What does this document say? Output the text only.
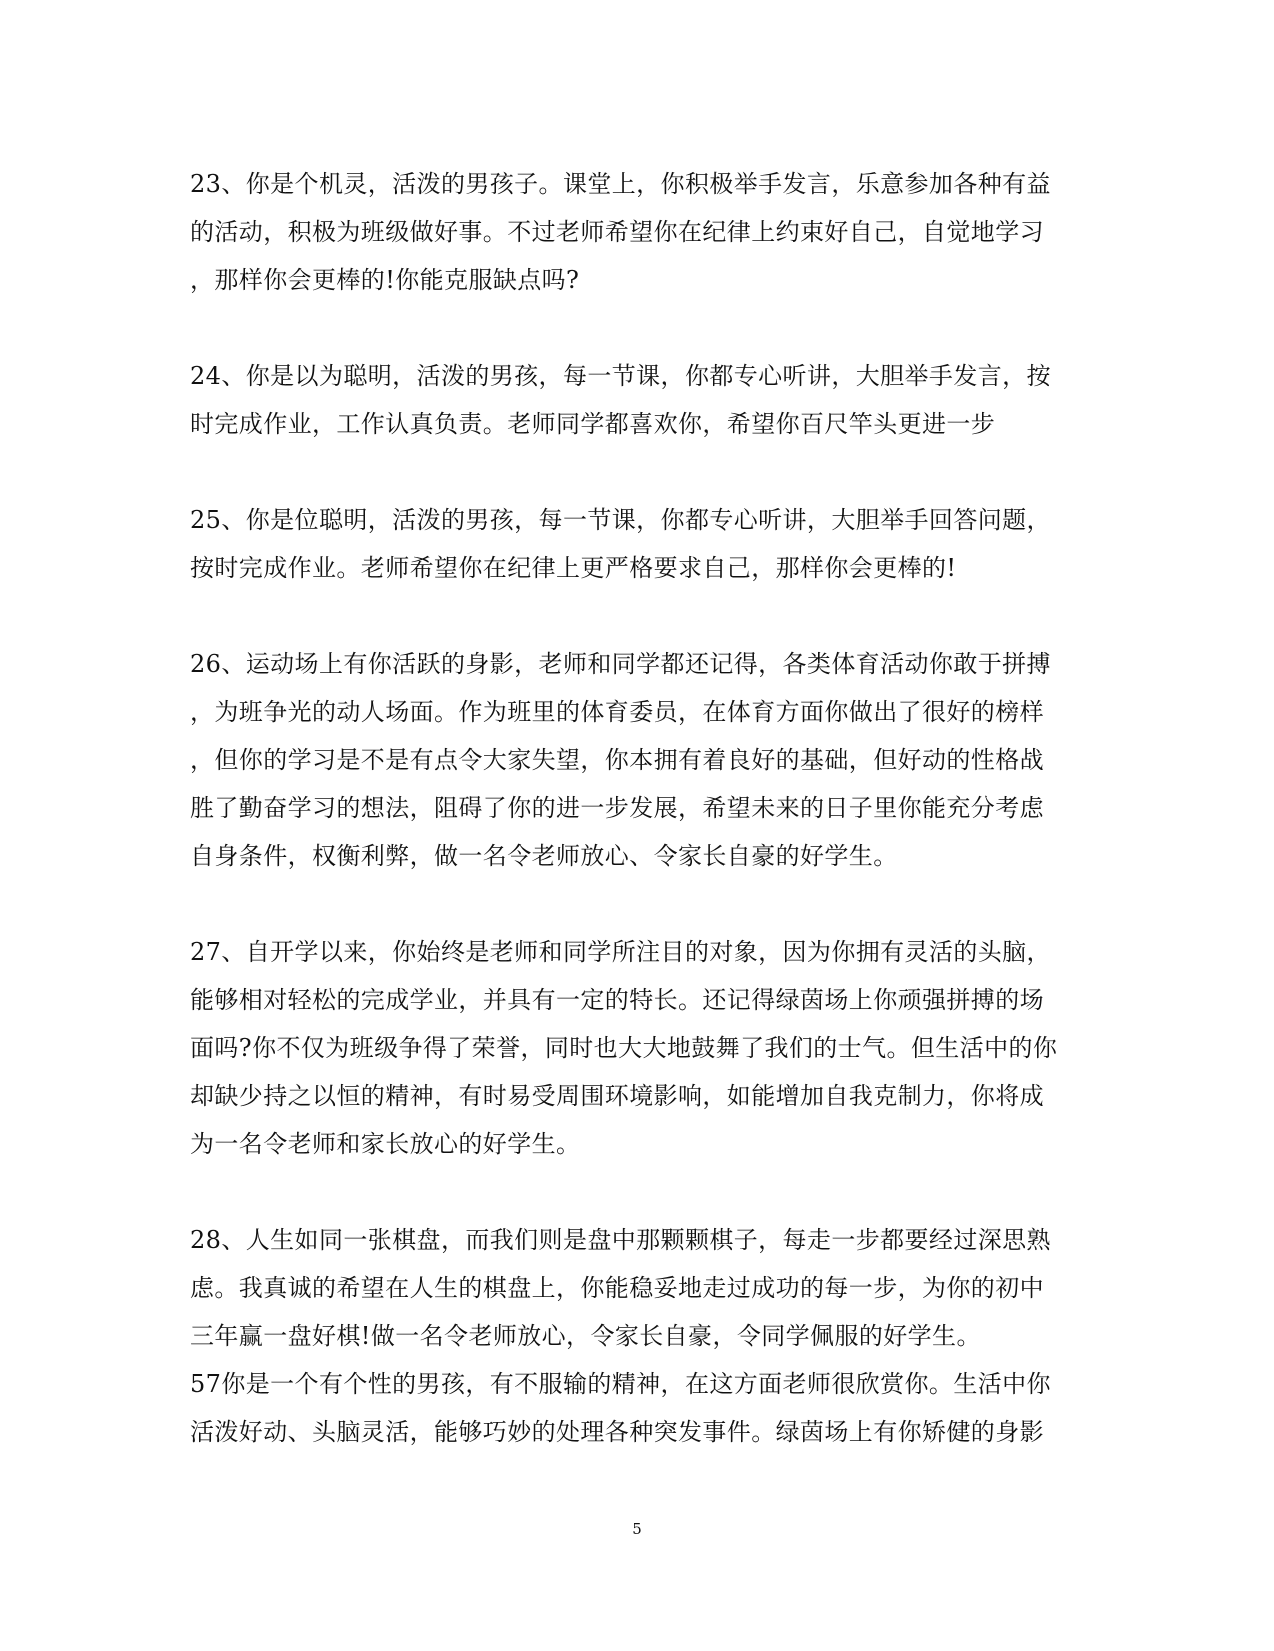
23、你是个机灵，活泼的男孩子。课堂上，你积极举手发言，乐意参加各种有益
的活动，积极为班级做好事。不过老师希望你在纪律上约束好自己，自觉地学习
，那样你会更棒的!你能克服缺点吗?
24、你是以为聪明，活泼的男孩，每一节课，你都专心听讲，大胆举手发言，按
时完成作业，工作认真负责。老师同学都喜欢你，希望你百尺竿头更进一步
25、你是位聪明，活泼的男孩，每一节课，你都专心听讲，大胆举手回答问题，
按时完成作业。老师希望你在纪律上更严格要求自己，那样你会更棒的!
26、运动场上有你活跃的身影，老师和同学都还记得，各类体育活动你敢于拼搏
，为班争光的动人场面。作为班里的体育委员，在体育方面你做出了很好的榜样
，但你的学习是不是有点令大家失望，你本拥有着良好的基础，但好动的性格战
胜了勤奋学习的想法，阻碍了你的进一步发展，希望未来的日子里你能充分考虑
自身条件，权衡利弊，做一名令老师放心、令家长自豪的好学生。
27、自开学以来，你始终是老师和同学所注目的对象，因为你拥有灵活的头脑，
能够相对轻松的完成学业，并具有一定的特长。还记得绿茵场上你顽强拼搏的场
面吗?你不仅为班级争得了荣誉，同时也大大地鼓舞了我们的士气。但生活中的你
却缺少持之以恒的精神，有时易受周围环境影响，如能增加自我克制力，你将成
为一名令老师和家长放心的好学生。
28、人生如同一张棋盘，而我们则是盘中那颗颗棋子，每走一步都要经过深思熟
虑。我真诚的希望在人生的棋盘上，你能稳妥地走过成功的每一步，为你的初中
三年赢一盘好棋!做一名令老师放心，令家长自豪，令同学佩服的好学生。
57你是一个有个性的男孩，有不服输的精神，在这方面老师很欣赏你。生活中你
活泼好动、头脑灵活，能够巧妙的处理各种突发事件。绿茵场上有你矫健的身影
5
